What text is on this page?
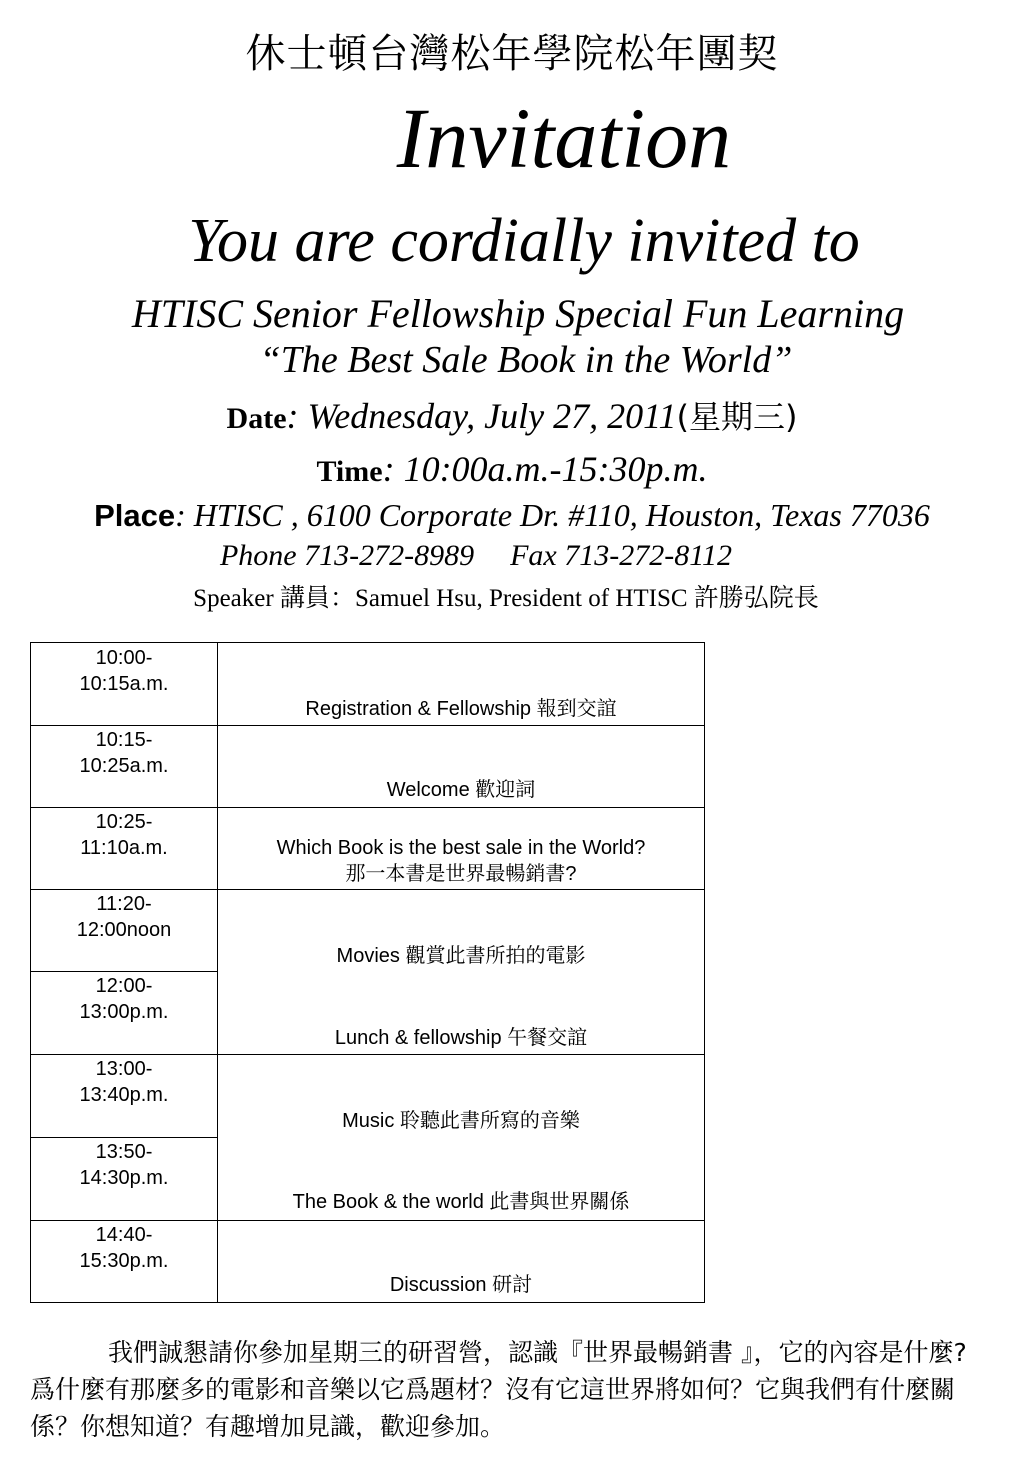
休士頓台灣松年學院松年團契
Invitation
You are cordially invited to
HTISC Senior Fellowship Special Fun Learning
“The Best Sale Book in the World”
Date: Wednesday, July 27, 2011(星期三)
Time: 10:00a.m.-15:30p.m.
Place: HTISC , 6100 Corporate Dr. #110, Houston, Texas 77036
Phone 713-272-8989 Fax 713-272-8112
Speaker 講員：Samuel Hsu, President of HTISC 許勝弘院長
10:00-
10:15a.m.
10:15-
10:25a.m.
10:25-
11:10a.m.
11:20-
12:00noon
12:00-
13:00p.m.
13:00-
13:40p.m.
13:50-
14:30p.m.
14:40-
15:30p.m.
Registration & Fellowship 報到交誼
Welcome 歡迎詞
Which Book is the best sale in the World?
那一本書是世界最暢銷書?
Movies 觀賞此書所拍的電影
Lunch & fellowship 午餐交誼
Music 聆聽此書所寫的音樂
The Book & the world 此書與世界關係
Discussion 研討
我們誠懇請你參加星期三的研習營，認識『世界最暢銷書 』，它的內容是什麼? 爲什麼有那麼多的電影和音樂以它爲題材？沒有它這世界將如何？它與我們有什麼關係？你想知道？有趣增加見識，歡迎參加。
